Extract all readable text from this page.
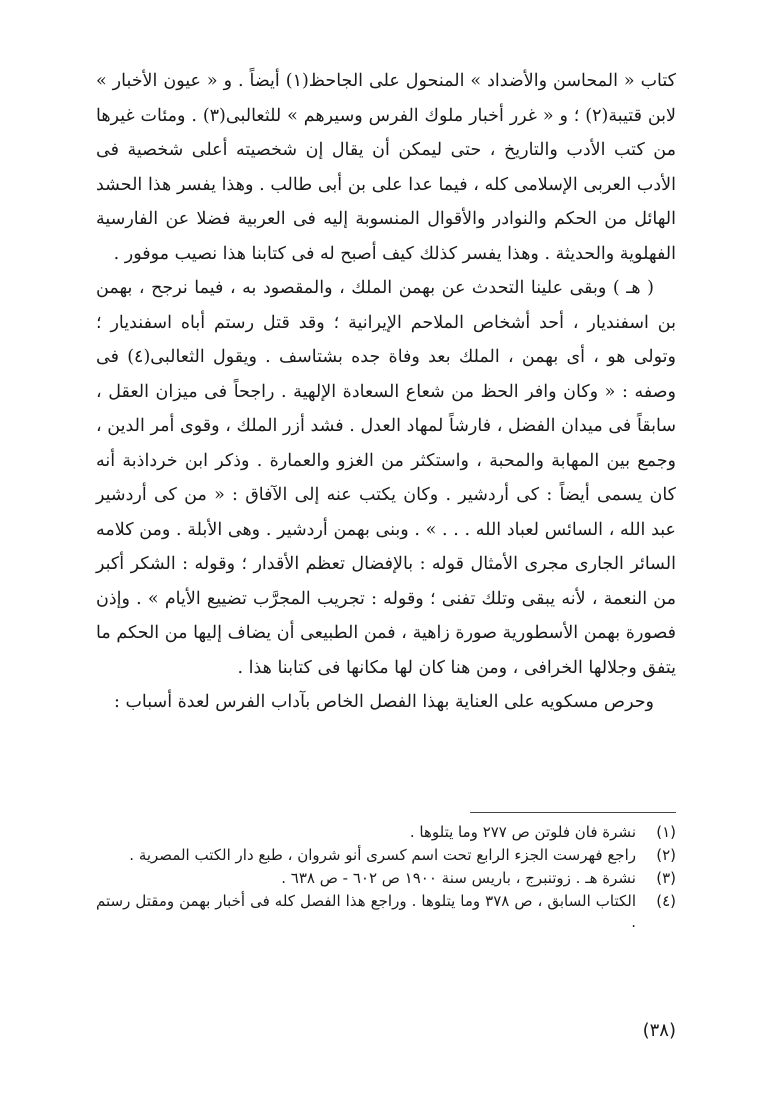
كتاب « المحاسن والأضداد » المنحول على الجاحظ(١) أيضاً . و « عيون الأخبار » لابن قتيبة(٢) ؛ و « غرر أخبار ملوك الفرس وسيرهم » للثعالبى(٣) . ومئات غيرها من كتب الأدب والتاريخ ، حتى ليمكن أن يقال إن شخصيته أعلى شخصية فى الأدب العربى الإسلامى كله ، فيما عدا على بن أبى طالب . وهذا يفسر هذا الحشد الهائل من الحكم والنوادر والأقوال المنسوبة إليه فى العربية فضلا عن الفارسية الفهلوية والحديثة . وهذا يفسر كذلك كيف أصبح له فى كتابنا هذا نصيب موفور .

( هـ ) وبقى علينا التحدث عن بهمن الملك ، والمقصود به ، فيما نرجح ، بهمن بن اسفنديار ، أحد أشخاص الملاحم الإيرانية ؛ وقد قتل رستم أباه اسفنديار ؛ وتولى هو ، أى بهمن ، الملك بعد وفاة جده بشتاسف . ويقول الثعالبى(٤) فى وصفه : « وكان وافر الحظ من شعاع السعادة الإلهية . راجحاً فى ميزان العقل ، سابقاً فى ميدان الفضل ، فارشاً لمهاد العدل . فشد أزر الملك ، وقوى أمر الدين ، وجمع بين المهابة والمحبة ، واستكثر من الغزو والعمارة . وذكر ابن خرداذبة أنه كان يسمى أيضاً : كى أردشير . وكان يكتب عنه إلى الآفاق : « من كى أردشير عبد الله ، السائس لعباد الله . . . » . وبنى بهمن أردشير . وهى الأبلة . ومن كلامه السائر الجارى مجرى الأمثال قوله : بالإفضال تعظم الأقدار ؛ وقوله : الشكر أكبر من النعمة ، لأنه يبقى وتلك تفنى ؛ وقوله : تجريب المجرَّب تضييع الأيام » . وإذن فصورة بهمن الأسطورية صورة زاهية ، فمن الطبيعى أن يضاف إليها من الحكم ما يتفق وجلالها الخرافى ، ومن هنا كان لها مكانها فى كتابنا هذا .

وحرص مسكويه على العناية بهذا الفصل الخاص بآداب الفرس لعدة أسباب :

(١)
نشرة فان فلوتن ص ٢٧٧ وما يتلوها .
(٢)
راجع فهرست الجزء الرابع تحت اسم كسرى أنو شروان ، طبع دار الكتب المصرية .
(٣)
نشرة هـ . زوتنبرج ، باريس سنة ١٩٠٠ ص ٦٠٢ - ص ٦٣٨ .
(٤)
الكتاب السابق ، ص ٣٧٨ وما يتلوها . وراجع هذا الفصل كله فى أخبار بهمن ومقتل رستم .
(٣٨)
